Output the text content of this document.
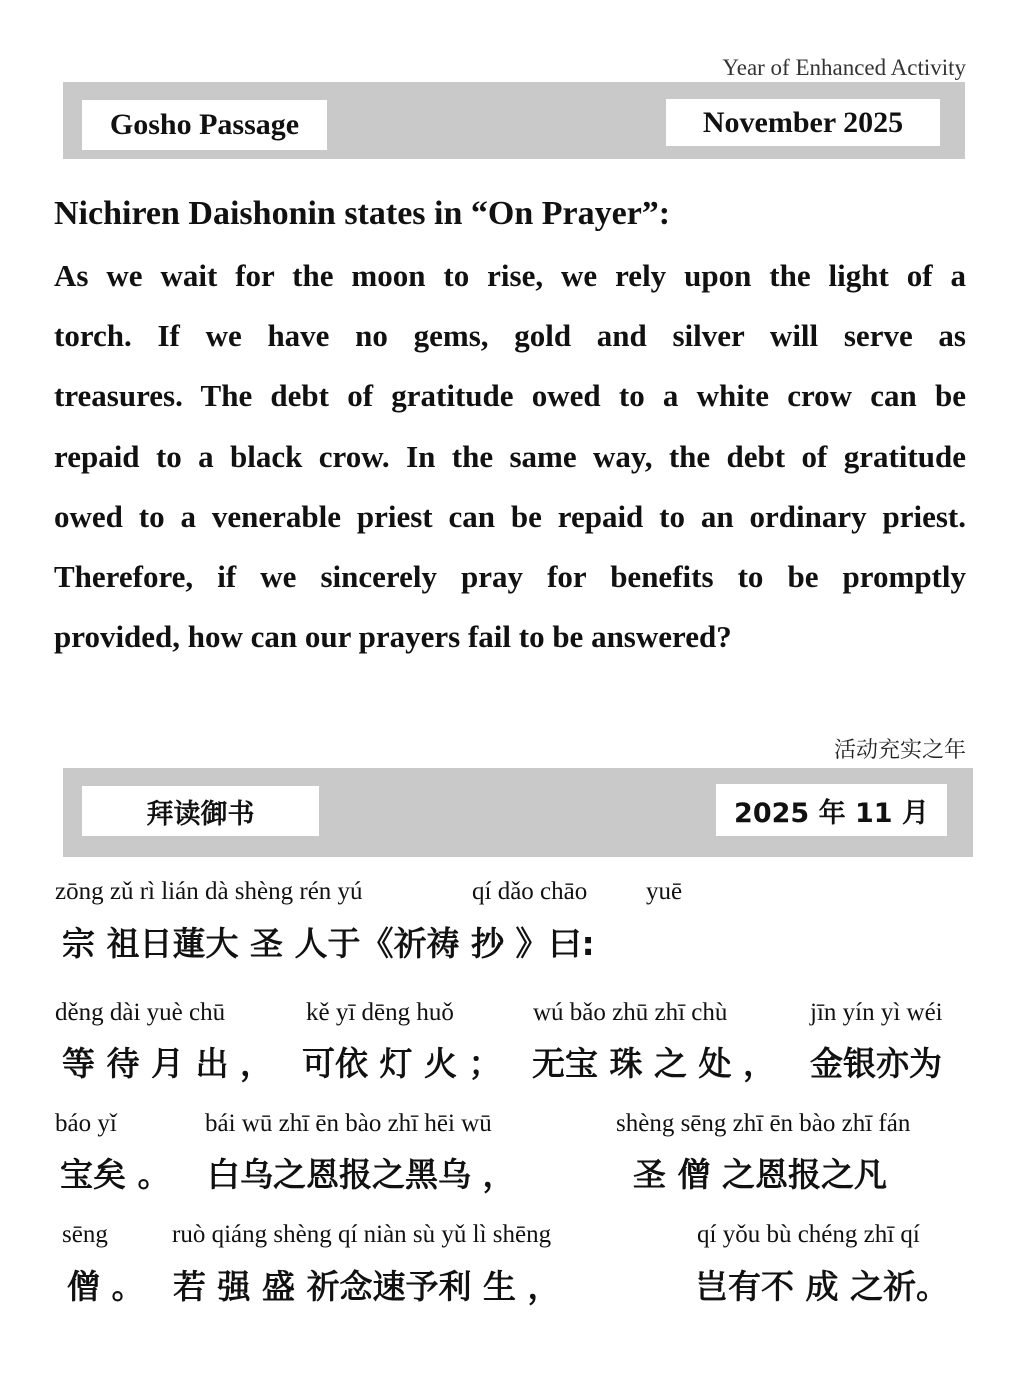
Year of Enhanced Activity
Gosho Passage	November 2025
Nichiren Daishonin states in “On Prayer”:
As we wait for the moon to rise, we rely upon the light of a
torch. If we have no gems, gold and silver will serve as
treasures. The debt of gratitude owed to a white crow can be
repaid to a black crow. In the same way, the debt of gratitude
owed to a venerable priest can be repaid to an ordinary priest.
Therefore, if we sincerely pray for benefits to be promptly
provided, how can our prayers fail to be answered?
活动充实之年
拜读御书	2025 年 11 月
zōng zǔ rì lián dà shèng rén yú	qí dǎo chāo yuē
宗 祖日蓮大 圣 人于《祈祷 抄 》曰:
děng dài yuè chū	kě yī dēng huǒ	wú bǎo zhū zhī chù	jīn yín yì wéi
等 待 月 出 ， 可依 灯 火 ； 无宝 珠 之 处 ， 金银亦为
báo yǐ	bái wū zhī ēn bào zhī hēi wū	shèng sēng zhī ēn bào zhī fán
宝矣 。 白乌之恩报之黑乌 ，	圣 僧 之恩报之凡
sēng	ruò qiáng shèng qí niàn sù yǔ lì shēng	qí yǒu bù chéng zhī qí
僧 。 若 强 盛 祈念速予利 生 ，	岂有不 成 之祈。
